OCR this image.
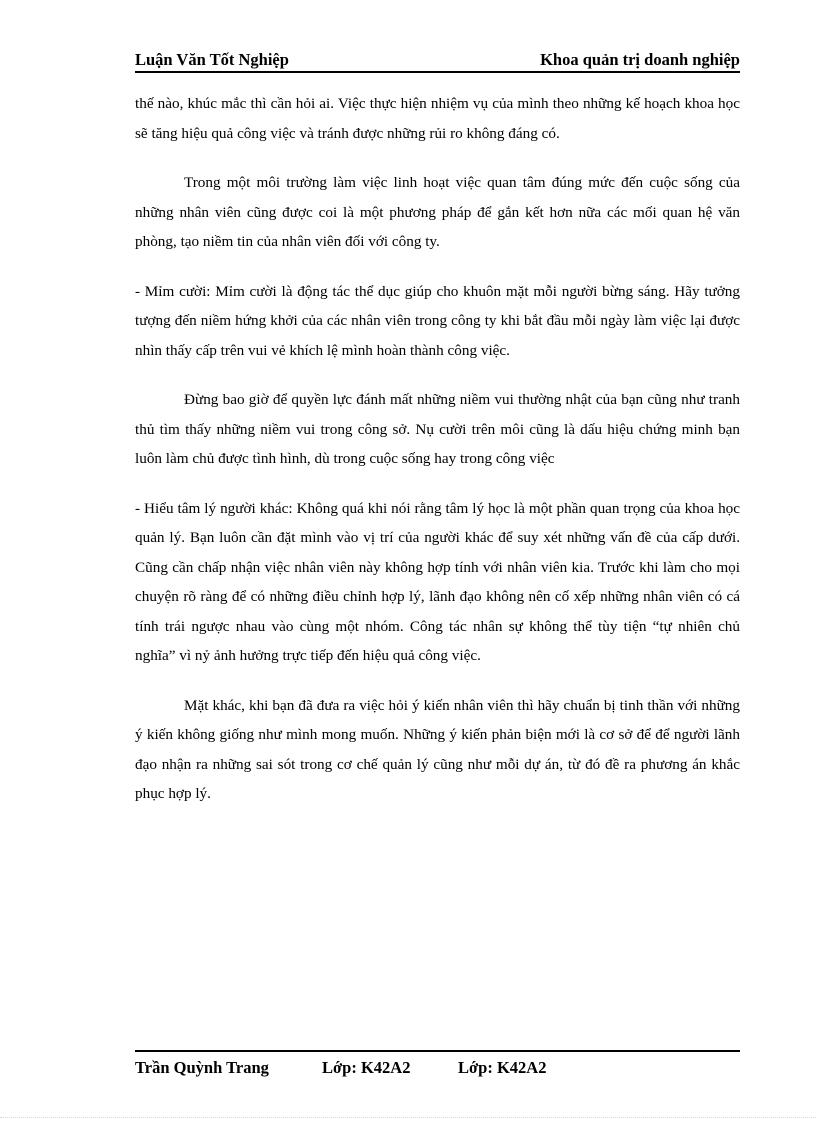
Luận Văn Tốt Nghiệp	Khoa quản trị doanh nghiệp

thế nào, khúc mắc thì cần hỏi ai. Việc thực hiện nhiệm vụ của mình theo những kế hoạch khoa học sẽ tăng hiệu quả công việc và tránh được những rủi ro không đáng có.

Trong một môi trường làm việc linh hoạt việc quan tâm đúng mức đến cuộc sống của những nhân viên cũng được coi là một phương pháp để gắn kết hơn nữa các mối quan hệ văn phòng, tạo niềm tin của nhân viên đối với công ty.

- Mỉm cười: Mỉm cười là động tác thể dục giúp cho khuôn mặt mỗi người bừng sáng. Hãy tưởng tượng đến niềm hứng khởi của các nhân viên trong công ty khi bắt đầu mỗi ngày làm việc lại được nhìn thấy cấp trên vui vẻ khích lệ mình hoàn thành công việc.

Đừng bao giờ để quyền lực đánh mất những niềm vui thường nhật của bạn cũng như tranh thủ tìm thấy những niềm vui trong công sở. Nụ cười trên môi cũng là dấu hiệu chứng minh bạn luôn làm chủ được tình hình, dù trong cuộc sống hay trong công việc

- Hiểu tâm lý người khác: Không quá khi nói rằng tâm lý học là một phần quan trọng của khoa học quản lý. Bạn luôn cần đặt mình vào vị trí của người khác để suy xét những vấn đề của cấp dưới. Cũng cần chấp nhận việc nhân viên này không hợp tính với nhân viên kia. Trước khi làm cho mọi chuyện rõ ràng để có những điều chỉnh hợp lý, lãnh đạo không nên cố xếp những nhân viên có cá tính trái ngược nhau vào cùng một nhóm. Công tác nhân sự không thể tùy tiện “tự nhiên chủ nghĩa” vì nỷ ảnh hưởng trực tiếp đến hiệu quả công việc.

Mặt khác, khi bạn đã đưa ra việc hỏi ý kiến nhân viên thì hãy chuẩn bị tinh thần với những ý kiến không giống như mình mong muốn. Những ý kiến phản biện mới là cơ sở để để người lãnh đạo nhận ra những sai sót trong cơ chế quản lý cũng như mỗi dự án, từ đó đề ra phương án khắc phục hợp lý.

Trần Quỳnh Trang	Lớp: K42A2	Lớp: K42A2
